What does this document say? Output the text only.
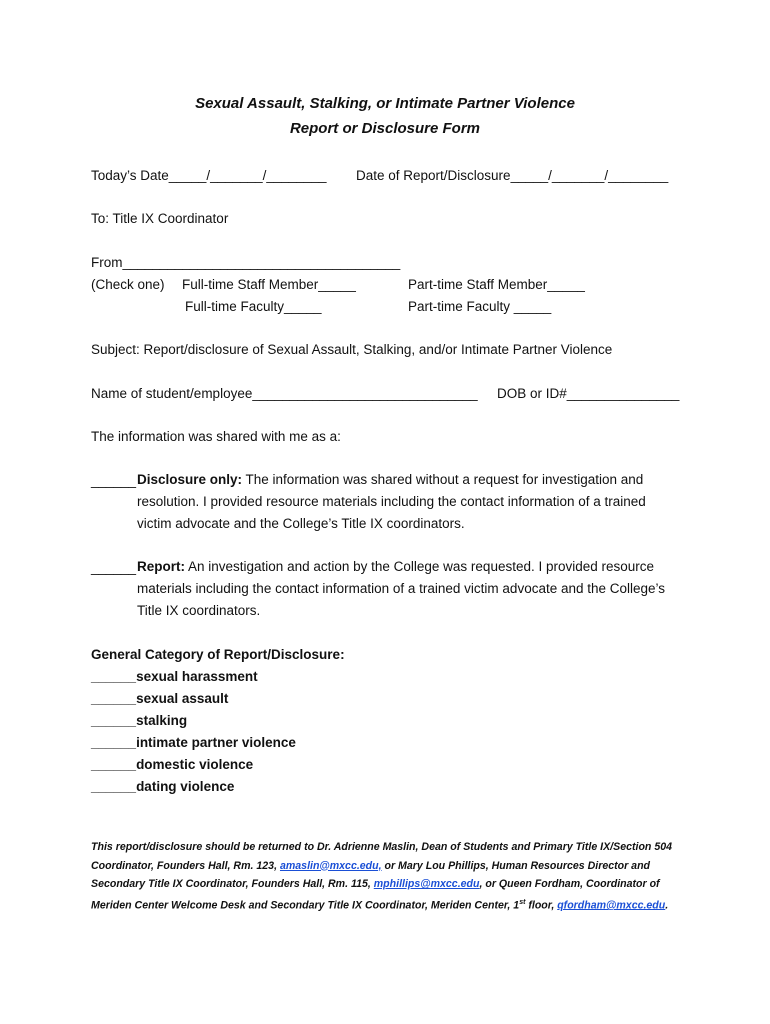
Sexual Assault, Stalking, or Intimate Partner Violence
Report or Disclosure Form
Today’s Date_____/_______/________ Date of Report/Disclosure_____/_______/________
To: Title IX Coordinator
From_____________________________________
(Check one) Full-time Staff Member_____	Part-time Staff Member_____
Full-time Faculty_____	Part-time Faculty _____
Subject: Report/disclosure of Sexual Assault, Stalking, and/or Intimate Partner Violence
Name of student/employee______________________________ DOB or ID#_______________
The information was shared with me as a:
______ Disclosure only: The information was shared without a request for investigation and resolution. I provided resource materials including the contact information of a trained victim advocate and the College’s Title IX coordinators.
______ Report: An investigation and action by the College was requested. I provided resource materials including the contact information of a trained victim advocate and the College’s Title IX coordinators.
General Category of Report/Disclosure:
______sexual harassment
______sexual assault
______stalking
______intimate partner violence
______domestic violence
______dating violence
This report/disclosure should be returned to Dr. Adrienne Maslin, Dean of Students and Primary Title IX/Section 504 Coordinator, Founders Hall, Rm. 123, amaslin@mxcc.edu, or Mary Lou Phillips, Human Resources Director and Secondary Title IX Coordinator, Founders Hall, Rm. 115, mphillips@mxcc.edu, or Queen Fordham, Coordinator of Meriden Center Welcome Desk and Secondary Title IX Coordinator, Meriden Center, 1st floor, qfordham@mxcc.edu.
